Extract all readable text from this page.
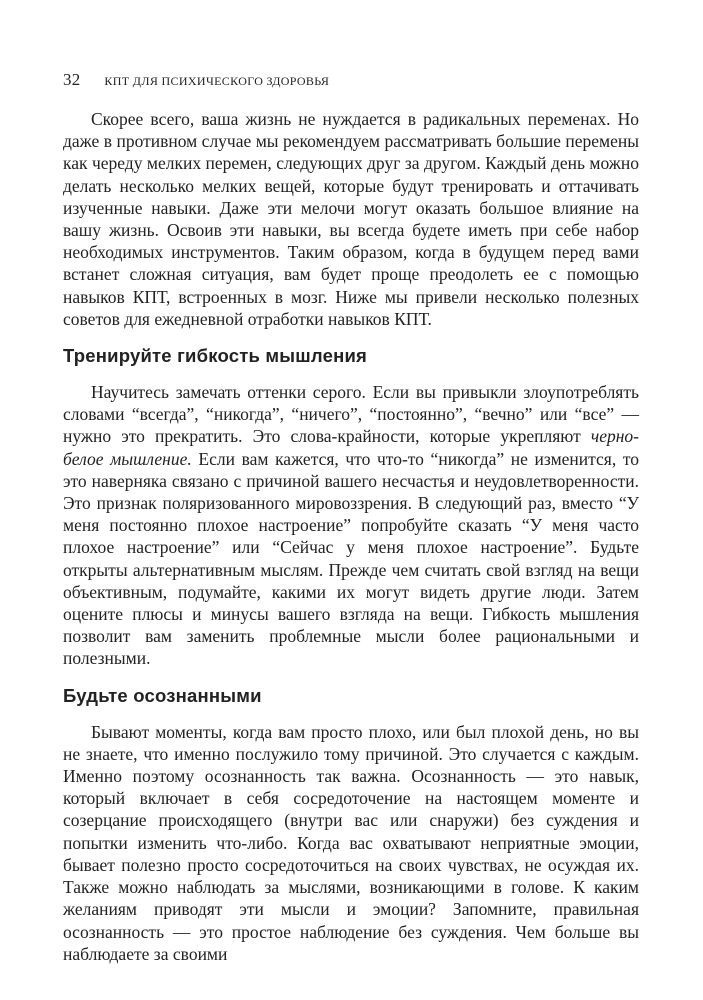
32 КПТ ДЛЯ ПСИХИЧЕСКОГО ЗДОРОВЬЯ

Скорее всего, ваша жизнь не нуждается в радикальных переменах. Но даже в противном случае мы рекомендуем рассматривать большие перемены как череду мелких перемен, следующих друг за другом. Каждый день можно делать несколько мелких вещей, которые будут тренировать и оттачивать изученные навыки. Даже эти мелочи могут оказать большое влияние на вашу жизнь. Освоив эти навыки, вы всегда будете иметь при себе набор необходимых инструментов. Таким образом, когда в будущем перед вами встанет сложная ситуация, вам будет проще преодолеть ее с помощью навыков КПТ, встроенных в мозг. Ниже мы привели несколько полезных советов для ежедневной отработки навыков КПТ.

Тренируйте гибкость мышления

Научитесь замечать оттенки серого. Если вы привыкли злоупотреблять словами “всегда”, “никогда”, “ничего”, “постоянно”, “вечно” или “все” — нужно это прекратить. Это слова-крайности, которые укрепляют черно-белое мышление. Если вам кажется, что что-то “никогда” не изменится, то это наверняка связано с причиной вашего несчастья и неудовлетворенности. Это признак поляризованного мировоззрения. В следующий раз, вместо “У меня постоянно плохое настроение” попробуйте сказать “У меня часто плохое настроение” или “Сейчас у меня плохое настроение”. Будьте открыты альтернативным мыслям. Прежде чем считать свой взгляд на вещи объективным, подумайте, какими их могут видеть другие люди. Затем оцените плюсы и минусы вашего взгляда на вещи. Гибкость мышления позволит вам заменить проблемные мысли более рациональными и полезными.

Будьте осознанными

Бывают моменты, когда вам просто плохо, или был плохой день, но вы не знаете, что именно послужило тому причиной. Это случается с каждым. Именно поэтому осознанность так важна. Осознанность — это навык, который включает в себя сосредоточение на настоящем моменте и созерцание происходящего (внутри вас или снаружи) без суждения и попытки изменить что-либо. Когда вас охватывают неприятные эмоции, бывает полезно просто сосредоточиться на своих чувствах, не осуждая их. Также можно наблюдать за мыслями, возникающими в голове. К каким желаниям приводят эти мысли и эмоции? Запомните, правильная осознанность — это простое наблюдение без суждения. Чем больше вы наблюдаете за своими
